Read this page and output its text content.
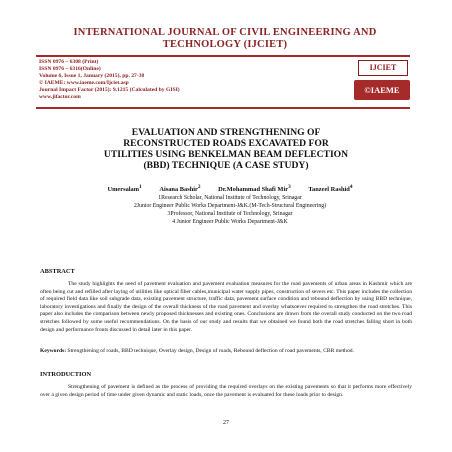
INTERNATIONAL JOURNAL OF CIVIL ENGINEERING AND
TECHNOLOGY (IJCIET)
ISSN 0976 – 6308 (Print)
ISSN 0976 – 6316(Online)
Volume 6, Issue 1, January (2015), pp. 27-38
© IAEME: www.iaeme.com/Ijciet.asp
Journal Impact Factor (2015): 9.1215 (Calculated by GISI)
www.jifactor.com
IJCIET
©IAEME
EVALUATION AND STRENGTHENING OF
RECONSTRUCTED ROADS EXCAVATED FOR
UTILITIES USING BENKELMAN BEAM DEFLECTION
(BBD) TECHNIQUE (A CASE STUDY)
Umersalam$^1$	Aisana Bashir$^2$	Dr.Mohammad Shafi Mir$^3$	Tanzeel Rashid$^4$
1Research Scholar, National Institute of Technology, Srinagar
2Junior Engineer Public Works Department-J&K.(M-Tech-Structural Engineering)
3Professor, National Institute of Technology, Srinagar
4 Junior Engineer Public Works Department-J&K
ABSTRACT
The study highlights the need of pavement evaluation and pavement evaluation measures for the road pavements of urban areas in Kashmir which are often being cut and refilled after laying of utilities like optical fiber cables,municipal water supply pipes, construction of severs etc. This paper includes the collection of required field data like soil subgrade data, existing pavement structure, traffic data, pavement surface condition and rebound deflection by using BBD technique, laboratory investigations and finally the design of the overall thickness of the road pavement and overlay whatsoever required to strengthen the road stretches. This paper also includes the comparison between newly proposed thicknesses and existing ones. Conclusions are drawn from the overall study conducted on the two road stretches followed by some useful recommendations. On the basis of our study and results that we obtained we found both the road stretches falling short in both design and performance fronts discussed in detail later in this paper.
Keywords: Strengthening of roads, BBD technique, Overlay design, Design of roads, Rebound deflection of road pavements, CBR method.
INTRODUCTION
Strengthening of pavement is defined as the process of providing the required overlays on the existing pavements so that it performs more effectively over a given design period of time under given dynamic and static loads, once the pavement is evaluated for these loads prior to design.
27
